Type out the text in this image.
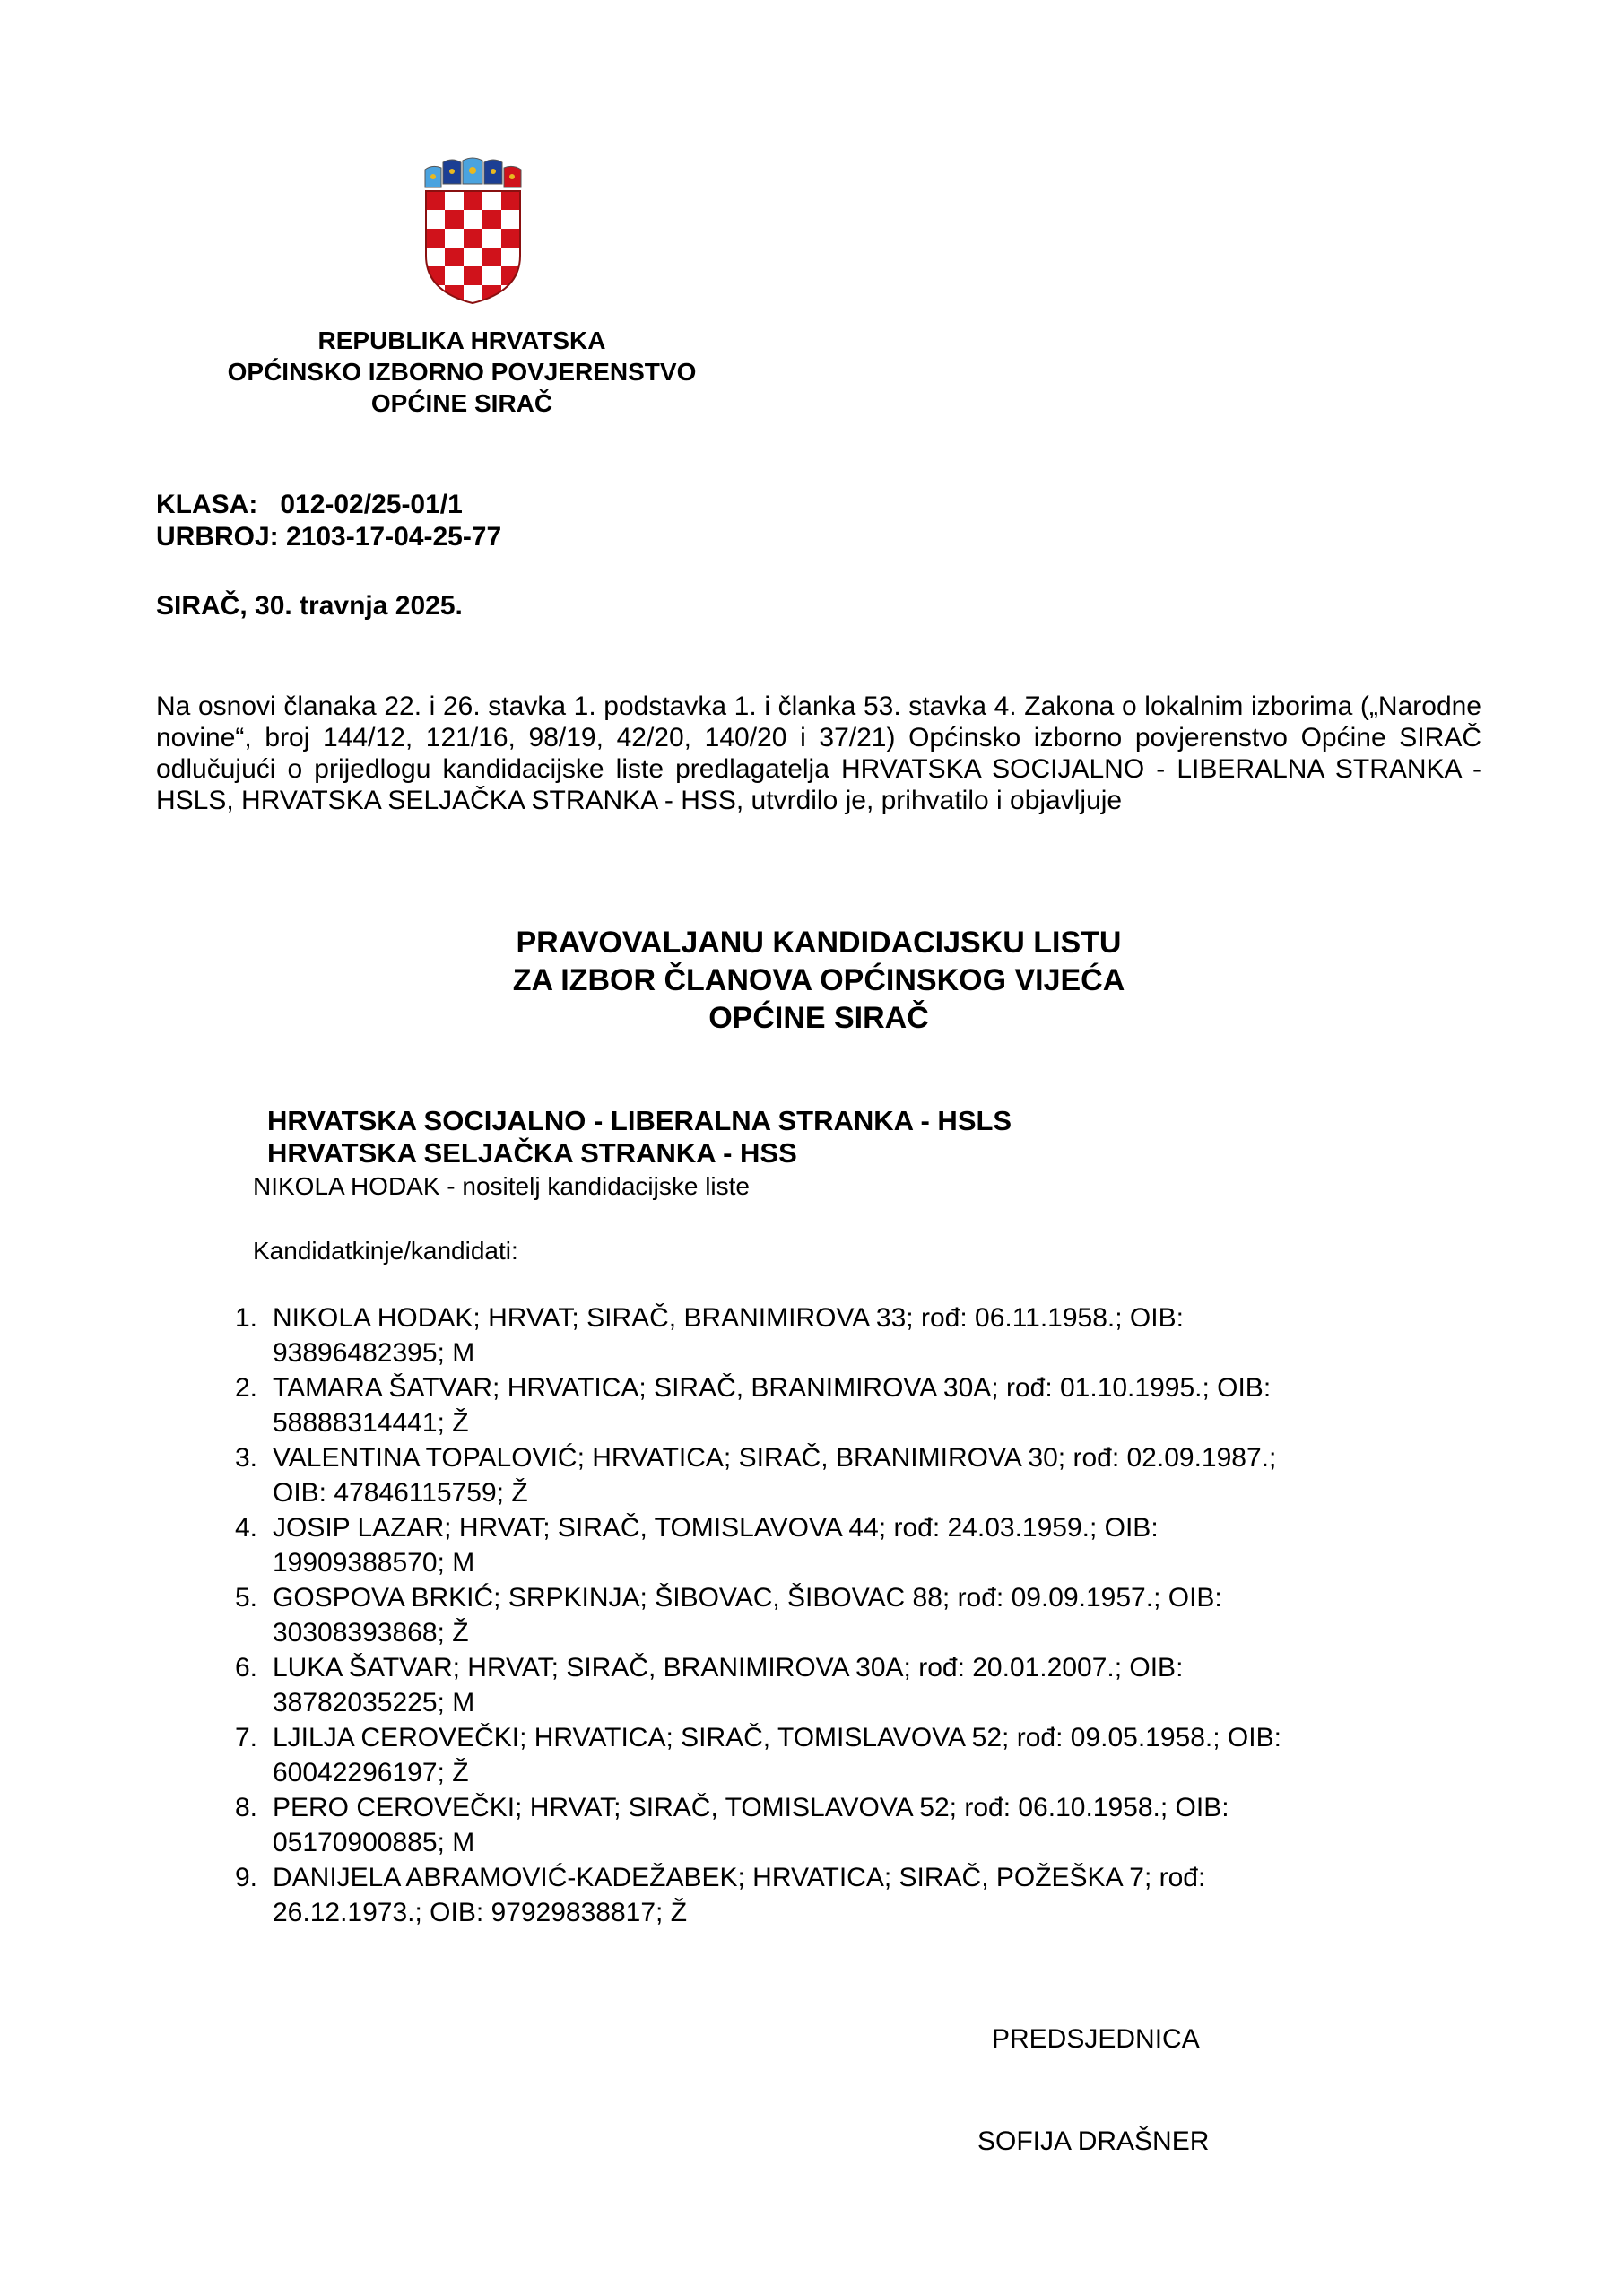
REPUBLIKA HRVATSKA
OPĆINSKO IZBORNO POVJERENSTVO
OPĆINE SIRAČ
KLASA:   012-02/25-01/1
URBROJ: 2103-17-04-25-77
SIRAČ, 30. travnja 2025.
Na osnovi članaka 22. i 26. stavka 1. podstavka 1. i članka 53. stavka 4. Zakona o lokalnim izborima („Narodne novine“, broj 144/12, 121/16, 98/19, 42/20, 140/20 i 37/21) Općinsko izborno povjerenstvo Općine SIRAČ odlučujući o prijedlogu kandidacijske liste predlagatelja HRVATSKA SOCIJALNO - LIBERALNA STRANKA - HSLS, HRVATSKA SELJAČKA STRANKA - HSS, utvrdilo je, prihvatilo i objavljuje
PRAVOVALJANU KANDIDACIJSKU LISTU
ZA IZBOR ČLANOVA OPĆINSKOG VIJEĆA
OPĆINE SIRAČ
HRVATSKA SOCIJALNO - LIBERALNA STRANKA - HSLS
HRVATSKA SELJAČKA STRANKA - HSS
NIKOLA HODAK - nositelj kandidacijske liste
Kandidatkinje/kandidati:
1. NIKOLA HODAK; HRVAT; SIRAČ, BRANIMIROVA 33; rođ: 06.11.1958.; OIB:
93896482395; M
2. TAMARA ŠATVAR; HRVATICA; SIRAČ, BRANIMIROVA 30A; rođ: 01.10.1995.; OIB:
58888314441; Ž
3. VALENTINA TOPALOVIĆ; HRVATICA; SIRAČ, BRANIMIROVA 30; rođ: 02.09.1987.;
OIB: 47846115759; Ž
4. JOSIP LAZAR; HRVAT; SIRAČ, TOMISLAVOVA 44; rođ: 24.03.1959.; OIB:
19909388570; M
5. GOSPOVA BRKIĆ; SRPKINJA; ŠIBOVAC, ŠIBOVAC 88; rođ: 09.09.1957.; OIB:
30308393868; Ž
6. LUKA ŠATVAR; HRVAT; SIRAČ, BRANIMIROVA 30A; rođ: 20.01.2007.; OIB:
38782035225; M
7. LJILJA CEROVEČKI; HRVATICA; SIRAČ, TOMISLAVOVA 52; rođ: 09.05.1958.; OIB:
60042296197; Ž
8. PERO CEROVEČKI; HRVAT; SIRAČ, TOMISLAVOVA 52; rođ: 06.10.1958.; OIB:
05170900885; M
9. DANIJELA ABRAMOVIĆ-KADEŽABEK; HRVATICA; SIRAČ, POŽEŠKA 7; rođ:
26.12.1973.; OIB: 97929838817; Ž
PREDSJEDNICA
SOFIJA DRAŠNER
